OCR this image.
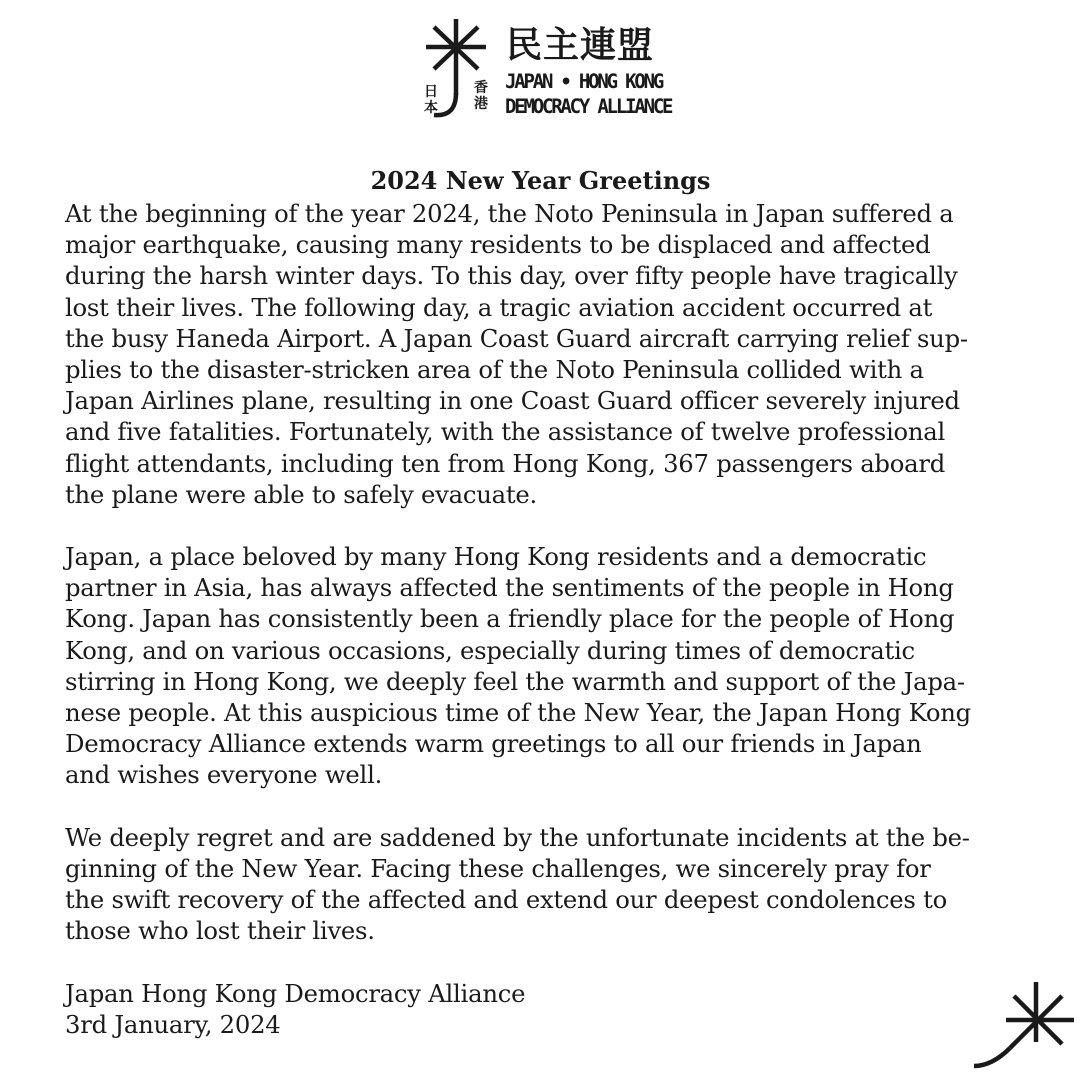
日
本
香
港
民主連盟
JAPAN • HONG KONG
DEMOCRACY ALLIANCE
2024 New Year Greetings
At the beginning of the year 2024, the Noto Peninsula in Japan suffered a
major earthquake, causing many residents to be displaced and affected
during the harsh winter days. To this day, over fifty people have tragically
lost their lives. The following day, a tragic aviation accident occurred at
the busy Haneda Airport. A Japan Coast Guard aircraft carrying relief sup-
plies to the disaster-stricken area of the Noto Peninsula collided with a
Japan Airlines plane, resulting in one Coast Guard officer severely injured
and five fatalities. Fortunately, with the assistance of twelve professional
flight attendants, including ten from Hong Kong, 367 passengers aboard
the plane were able to safely evacuate.
Japan, a place beloved by many Hong Kong residents and a democratic
partner in Asia, has always affected the sentiments of the people in Hong
Kong. Japan has consistently been a friendly place for the people of Hong
Kong, and on various occasions, especially during times of democratic
stirring in Hong Kong, we deeply feel the warmth and support of the Japa-
nese people. At this auspicious time of the New Year, the Japan Hong Kong
Democracy Alliance extends warm greetings to all our friends in Japan
and wishes everyone well.
We deeply regret and are saddened by the unfortunate incidents at the be-
ginning of the New Year. Facing these challenges, we sincerely pray for
the swift recovery of the affected and extend our deepest condolences to
those who lost their lives.
Japan Hong Kong Democracy Alliance
3rd January, 2024
